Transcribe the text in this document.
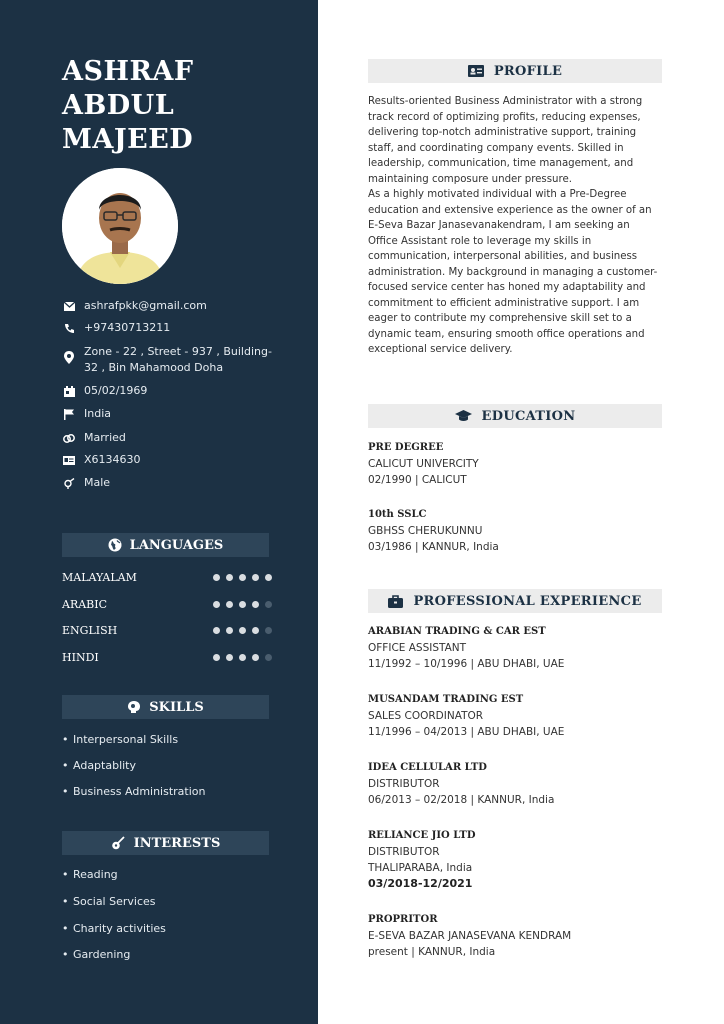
ASHRAF
ABDUL
MAJEED
ashrafpkk@gmail.com
+97430713211
Zone - 22 , Street - 937 , Building-32 , Bin Mahamood Doha
05/02/1969
India
Married
X6134630
Male
LANGUAGES
MALAYALAM
ARABIC
ENGLISH
HINDI
SKILLS
• Interpersonal Skills
• Adaptablity
• Business Administration
INTERESTS
• Reading
• Social Services
• Charity activities
• Gardening
PROFILE
Results-oriented Business Administrator with a strong track record of optimizing profits, reducing expenses, delivering top-notch administrative support, training staff, and coordinating company events. Skilled in leadership, communication, time management, and maintaining composure under pressure.
As a highly motivated individual with a Pre-Degree education and extensive experience as the owner of an E-Seva Bazar Janasevanakendram, I am seeking an Office Assistant role to leverage my skills in communication, interpersonal abilities, and business administration. My background in managing a customer-focused service center has honed my adaptability and commitment to efficient administrative support. I am eager to contribute my comprehensive skill set to a dynamic team, ensuring smooth office operations and exceptional service delivery.
EDUCATION
PRE DEGREE
CALICUT UNIVERCITY
02/1990 | CALICUT
10th SSLC
GBHSS CHERUKUNNU
03/1986 | KANNUR, India
PROFESSIONAL EXPERIENCE
ARABIAN TRADING & CAR EST
OFFICE ASSISTANT
11/1992 – 10/1996 | ABU DHABI, UAE
MUSANDAM TRADING EST
SALES COORDINATOR
11/1996 – 04/2013 | ABU DHABI, UAE
IDEA CELLULAR LTD
DISTRIBUTOR
06/2013 – 02/2018 | KANNUR, India
RELIANCE JIO LTD
DISTRIBUTOR
THALIPARABA, India
03/2018-12/2021
PROPRITOR
E-SEVA BAZAR JANASEVANA KENDRAM
present | KANNUR, India
